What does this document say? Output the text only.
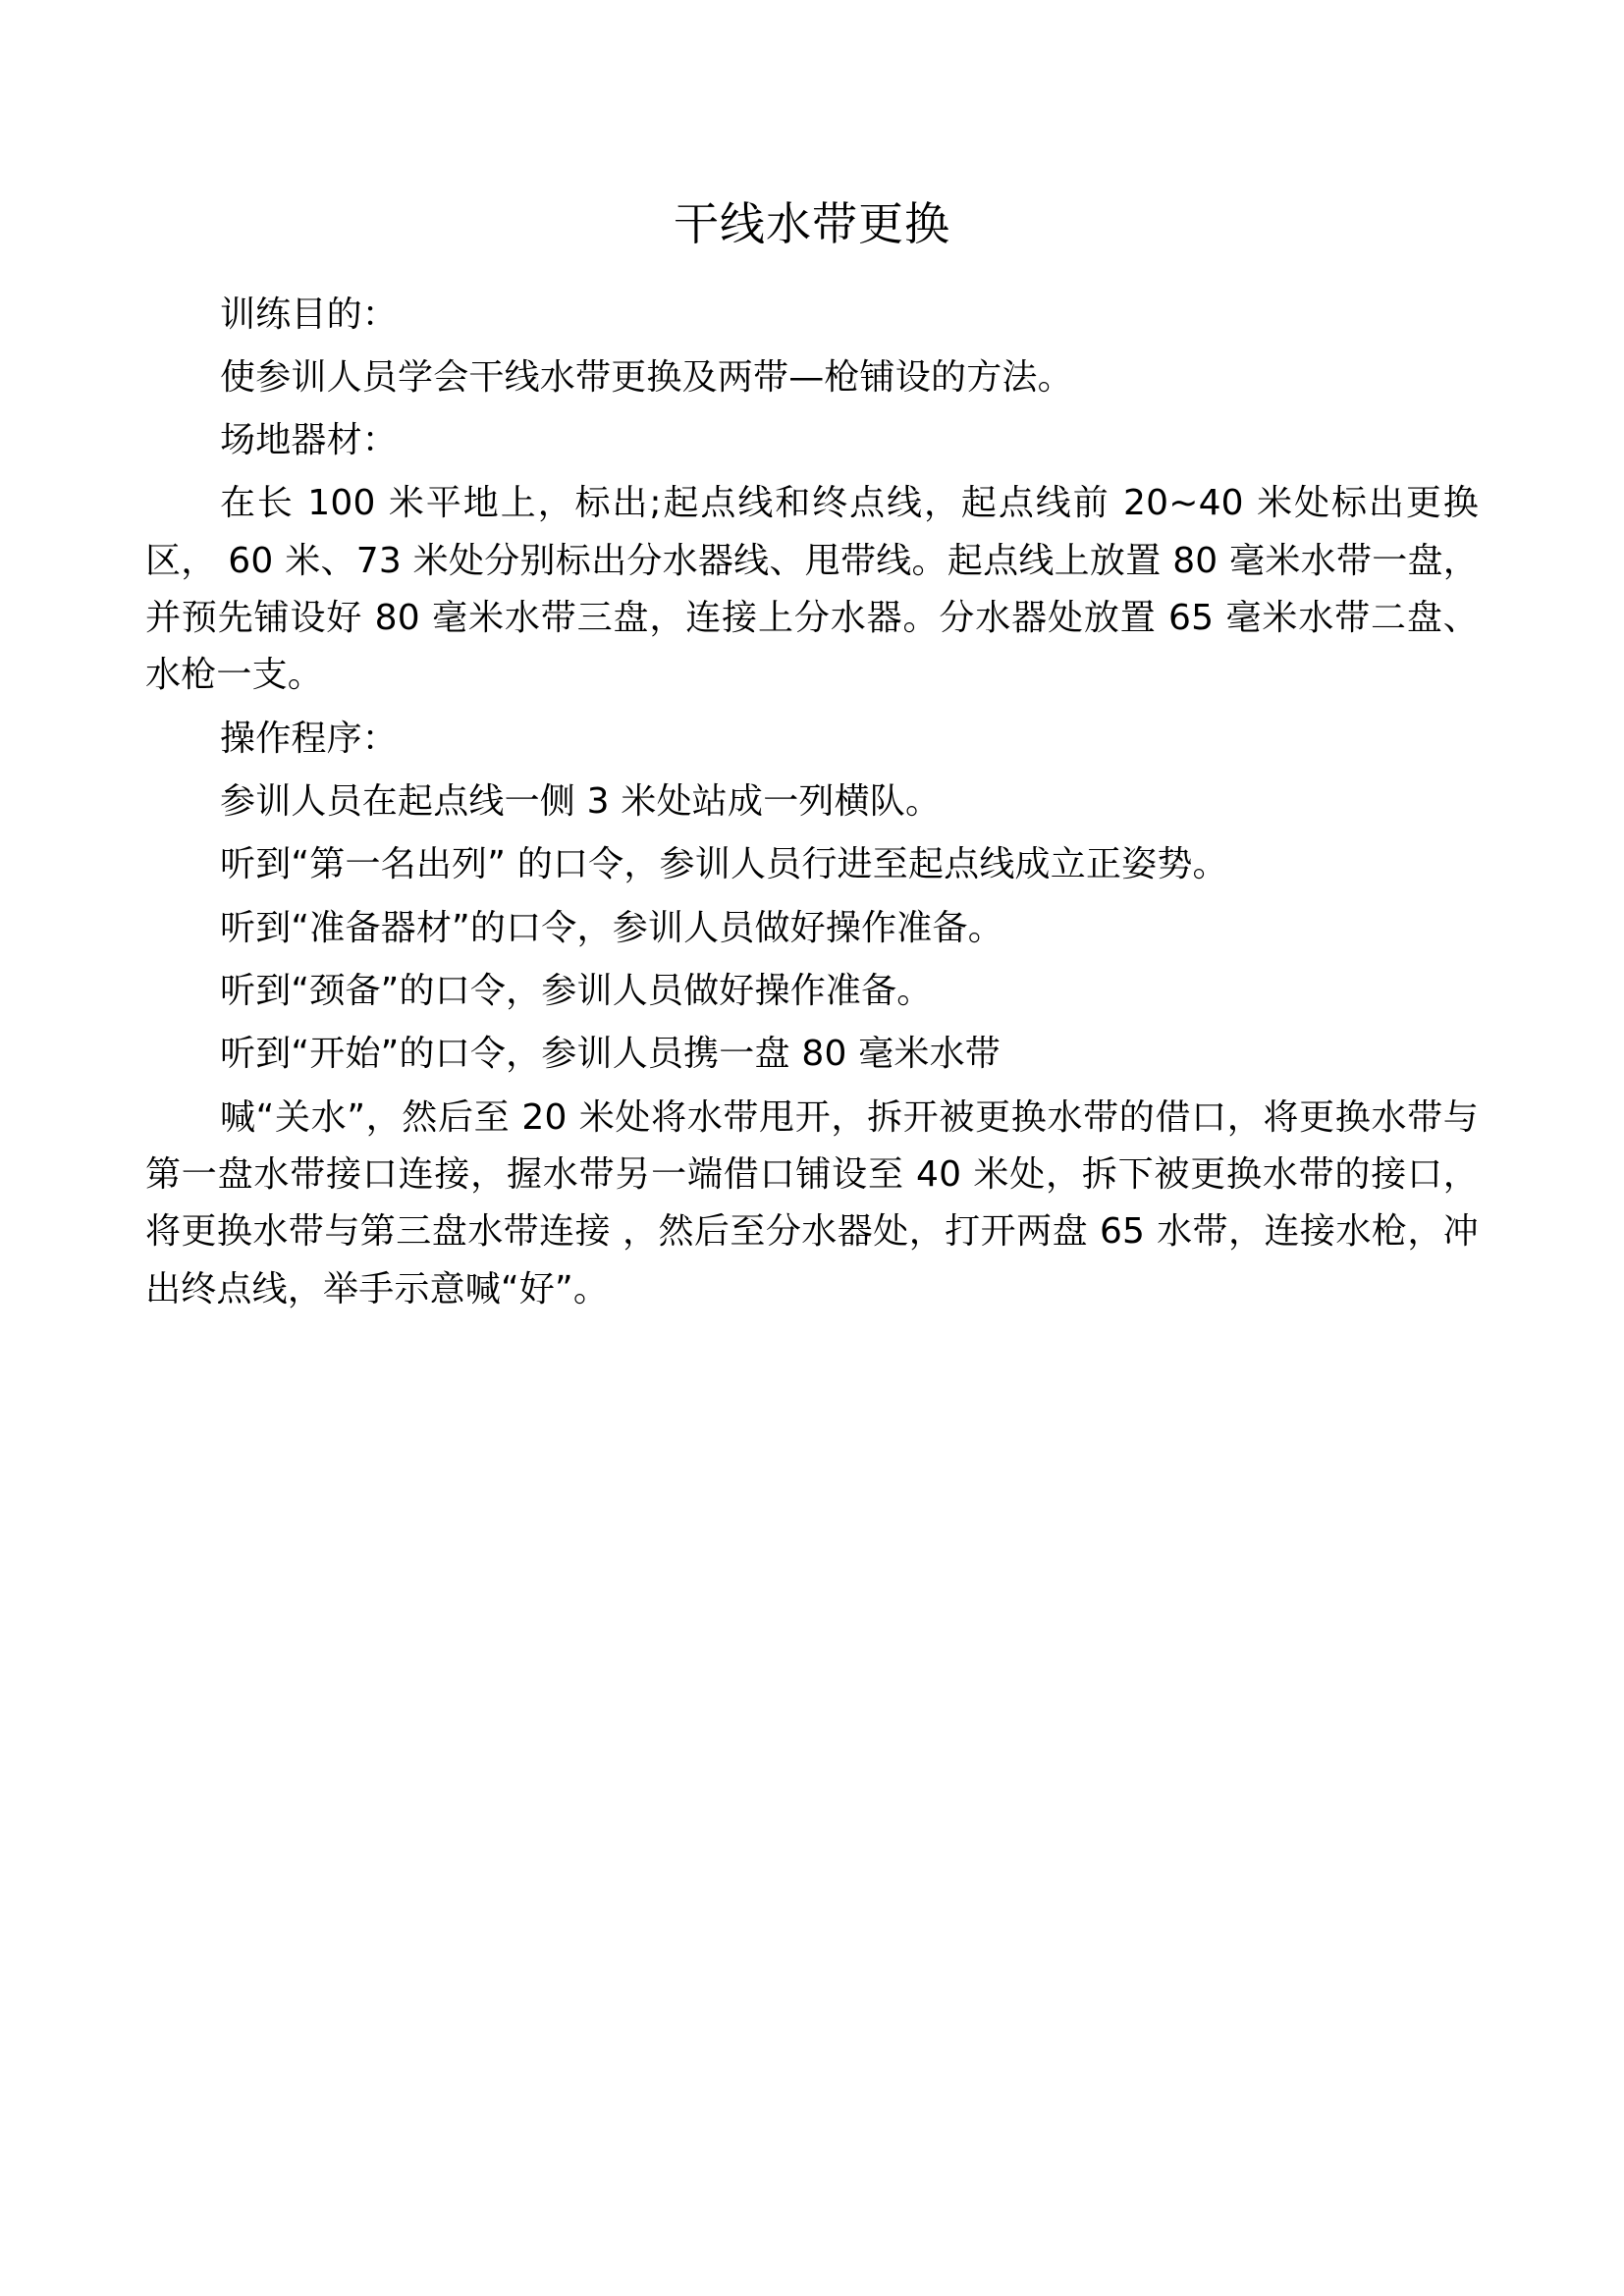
干线水带更换

训练目的：

使参训人员学会干线水带更换及两带—枪铺设的方法。

场地器材：

在长 100 米平地上，标出;起点线和终点线，起点线前 20~40 米处标出更换区， 60 米、73 米处分别标出分水器线、甩带线。起点线上放置 80 毫米水带一盘，并预先铺设好 80 毫米水带三盘，连接上分水器。分水器处放置 65 毫米水带二盘、水枪一支。

操作程序：

参训人员在起点线一侧 3 米处站成一列横队。

听到“第一名出列” 的口令，参训人员行进至起点线成立正姿势。

听到“准备器材”的口令，参训人员做好操作准备。

听到“颈备”的口令，参训人员做好操作准备。

听到“开始”的口令，参训人员携一盘 80 毫米水带

喊“关水”，然后至 20 米处将水带甩开，拆开被更换水带的借口，将更换水带与第一盘水带接口连接，握水带另一端借口铺设至 40 米处，拆下被更换水带的接口，将更换水带与第三盘水带连接 ，然后至分水器处，打开两盘 65 水带，连接水枪，冲出终点线，举手示意喊“好”。
